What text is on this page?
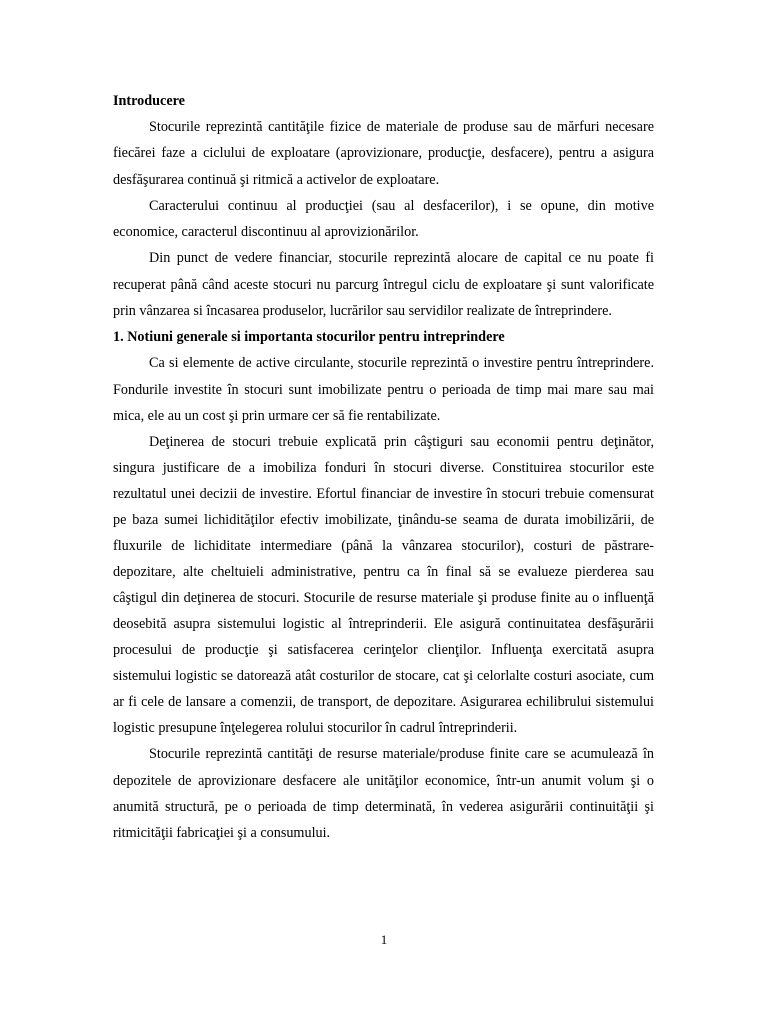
Introducere

Stocurile reprezintă cantităţile fizice de materiale de produse sau de mărfuri necesare fiecărei faze a ciclului de exploatare (aprovizionare, producţie, desfacere), pentru a asigura desfăşurarea continuă şi ritmică a activelor de exploatare.

Caracterului continuu al producţiei (sau al desfacerilor), i se opune, din motive economice, caracterul discontinuu al aprovizionărilor.

Din punct de vedere financiar, stocurile reprezintă alocare de capital ce nu poate fi recuperat până când aceste stocuri nu parcurg întregul ciclu de exploatare şi sunt valorificate prin vânzarea si încasarea produselor, lucrărilor sau servidilor realizate de întreprindere.

1. Notiuni generale si importanta stocurilor pentru intreprindere

Ca si elemente de active circulante, stocurile reprezintă o investire pentru întreprindere. Fondurile investite în stocuri sunt imobilizate pentru o perioada de timp mai mare sau mai mica, ele au un cost şi prin urmare cer să fie rentabilizate.

Deţinerea de stocuri trebuie explicată prin câştiguri sau economii pentru deţinător, singura justificare de a imobiliza fonduri în stocuri diverse. Constituirea stocurilor este rezultatul unei decizii de investire. Efortul financiar de investire în stocuri trebuie comensurat pe baza sumei lichidităţilor efectiv imobilizate, ţinându-se seama de durata imobilizării, de fluxurile de lichiditate intermediare (până la vânzarea stocurilor), costuri de păstrare-depozitare, alte cheltuieli administrative, pentru ca în final să se evalueze pierderea sau câştigul din deţinerea de stocuri. Stocurile de resurse materiale şi produse finite au o influenţă deosebită asupra sistemului logistic al întreprinderii. Ele asigură continuitatea desfăşurării procesului de producţie şi satisfacerea cerinţelor clienţilor. Influenţa exercitată asupra sistemului logistic se datorează atât costurilor de stocare, cat şi celorlalte costuri asociate, cum ar fi cele de lansare a comenzii, de transport, de depozitare. Asigurarea echilibrului sistemului logistic presupune înţelegerea rolului stocurilor în cadrul întreprinderii.

Stocurile reprezintă cantităţi de resurse materiale/produse finite care se acumulează în depozitele de aprovizionare desfacere ale unităţilor economice, într-un anumit volum şi o anumită structură, pe o perioada de timp determinată, în vederea asigurării continuităţii şi ritmicităţii fabricaţiei şi a consumului.

1
